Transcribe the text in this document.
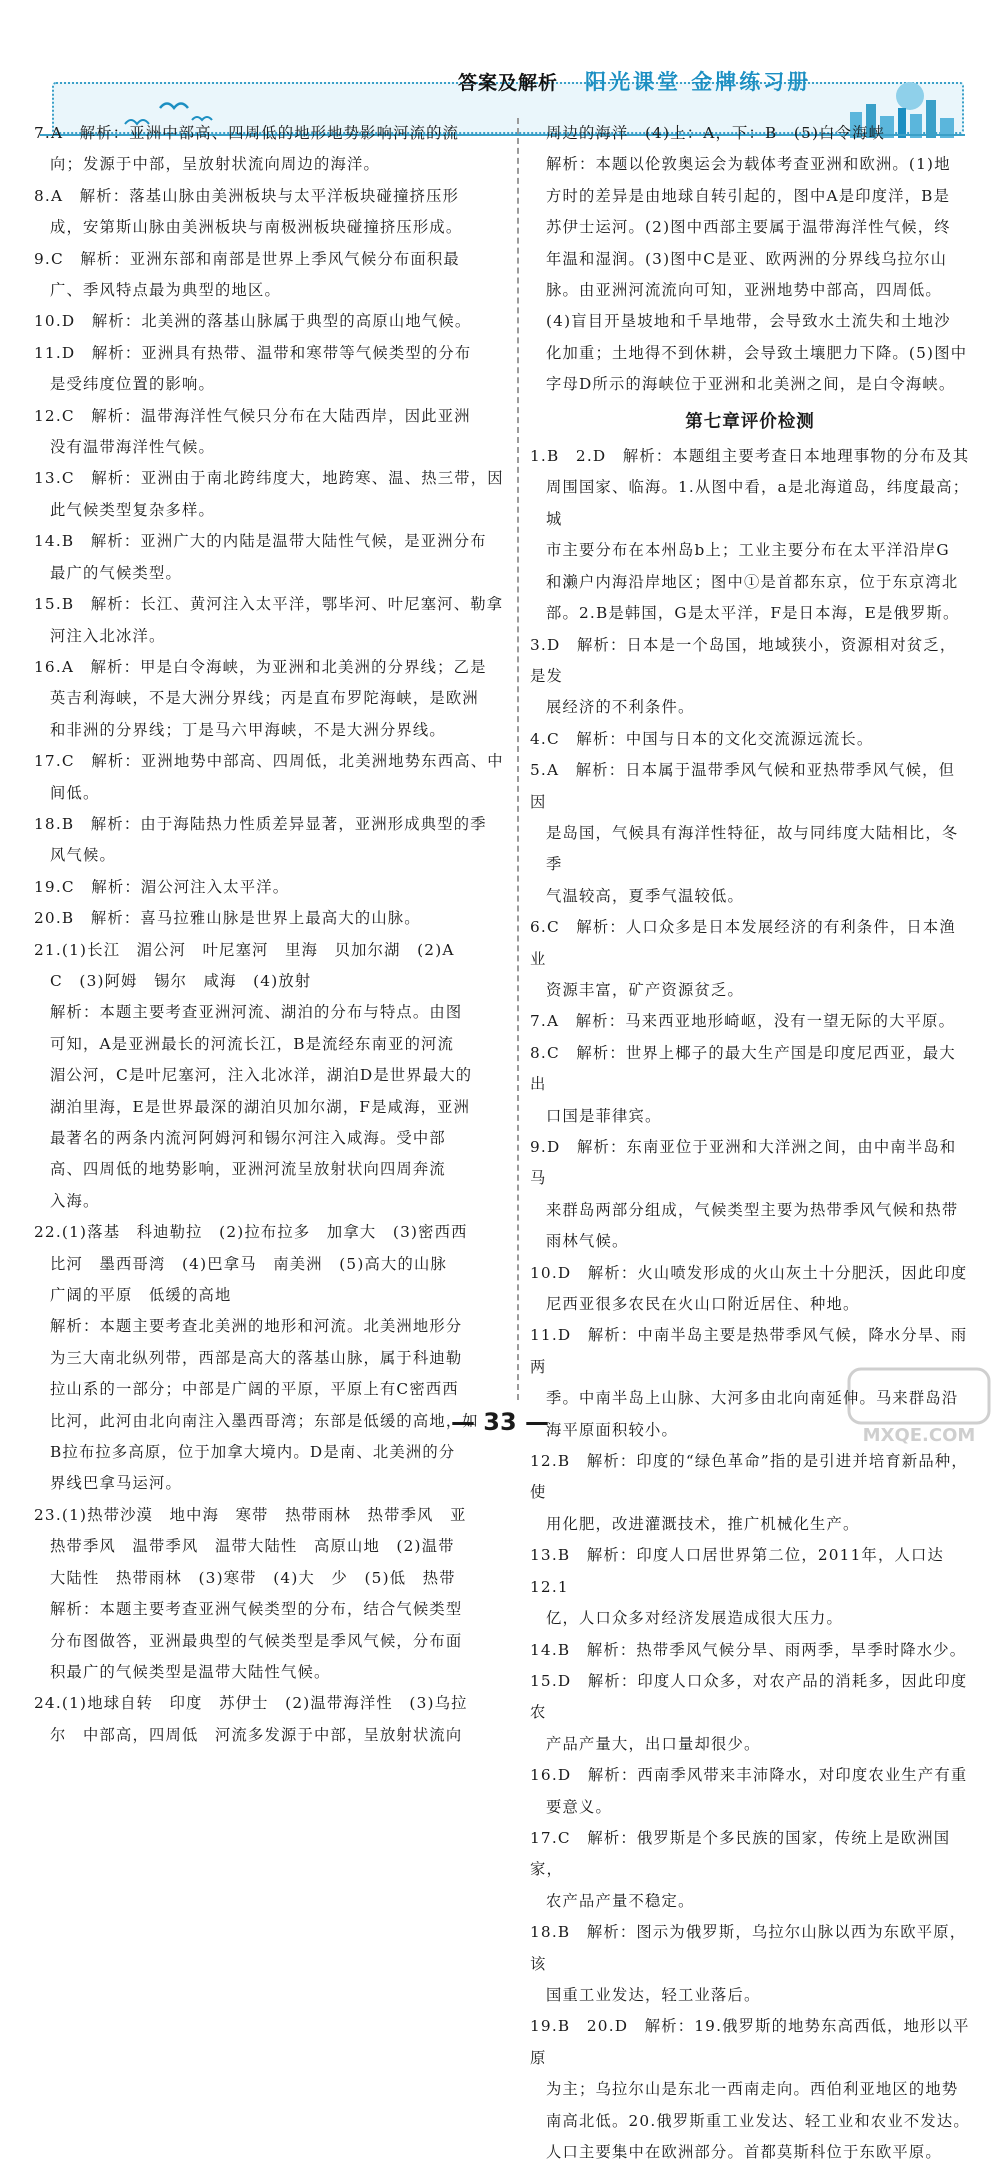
答案及解析 阳光课堂 金牌练习册

7.A　解析：亚洲中部高、四周低的地形地势影响河流的流

向；发源于中部，呈放射状流向周边的海洋。

8.A　解析：落基山脉由美洲板块与太平洋板块碰撞挤压形

成，安第斯山脉由美洲板块与南极洲板块碰撞挤压形成。

9.C　解析：亚洲东部和南部是世界上季风气候分布面积最

广、季风特点最为典型的地区。

10.D　解析：北美洲的落基山脉属于典型的高原山地气候。

11.D　解析：亚洲具有热带、温带和寒带等气候类型的分布

是受纬度位置的影响。

12.C　解析：温带海洋性气候只分布在大陆西岸，因此亚洲

没有温带海洋性气候。

13.C　解析：亚洲由于南北跨纬度大，地跨寒、温、热三带，因

此气候类型复杂多样。

14.B　解析：亚洲广大的内陆是温带大陆性气候，是亚洲分布

最广的气候类型。

15.B　解析：长江、黄河注入太平洋，鄂毕河、叶尼塞河、勒拿

河注入北冰洋。

16.A　解析：甲是白令海峡，为亚洲和北美洲的分界线；乙是

英吉利海峡，不是大洲分界线；丙是直布罗陀海峡，是欧洲

和非洲的分界线；丁是马六甲海峡，不是大洲分界线。

17.C　解析：亚洲地势中部高、四周低，北美洲地势东西高、中

间低。

18.B　解析：由于海陆热力性质差异显著，亚洲形成典型的季

风气候。

19.C　解析：湄公河注入太平洋。

20.B　解析：喜马拉雅山脉是世界上最高大的山脉。

21.(1)长江　湄公河　叶尼塞河　里海　贝加尔湖　(2)A

C　(3)阿姆　锡尔　咸海　(4)放射

解析：本题主要考查亚洲河流、湖泊的分布与特点。由图

可知，A是亚洲最长的河流长江，B是流经东南亚的河流

湄公河，C是叶尼塞河，注入北冰洋，湖泊D是世界最大的

湖泊里海，E是世界最深的湖泊贝加尔湖，F是咸海，亚洲

最著名的两条内流河阿姆河和锡尔河注入咸海。受中部

高、四周低的地势影响，亚洲河流呈放射状向四周奔流

入海。

22.(1)落基　科迪勒拉　(2)拉布拉多　加拿大　(3)密西西

比河　墨西哥湾　(4)巴拿马　南美洲　(5)高大的山脉

广阔的平原　低缓的高地

解析：本题主要考查北美洲的地形和河流。北美洲地形分

为三大南北纵列带，西部是高大的落基山脉，属于科迪勒

拉山系的一部分；中部是广阔的平原，平原上有C密西西

比河，此河由北向南注入墨西哥湾；东部是低缓的高地，如

B拉布拉多高原，位于加拿大境内。D是南、北美洲的分

界线巴拿马运河。

23.(1)热带沙漠　地中海　寒带　热带雨林　热带季风　亚

热带季风　温带季风　温带大陆性　高原山地　(2)温带

大陆性　热带雨林　(3)寒带　(4)大　少　(5)低　热带

解析：本题主要考查亚洲气候类型的分布，结合气候类型

分布图做答，亚洲最典型的气候类型是季风气候，分布面

积最广的气候类型是温带大陆性气候。

24.(1)地球自转　印度　苏伊士　(2)温带海洋性　(3)乌拉

尔　中部高，四周低　河流多发源于中部，呈放射状流向

周边的海洋　(4)上：A，下：B　(5)白令海峡

解析：本题以伦敦奥运会为载体考查亚洲和欧洲。(1)地

方时的差异是由地球自转引起的，图中A是印度洋，B是

苏伊士运河。(2)图中西部主要属于温带海洋性气候，终

年温和湿润。(3)图中C是亚、欧两洲的分界线乌拉尔山

脉。由亚洲河流流向可知，亚洲地势中部高，四周低。

(4)盲目开垦坡地和千旱地带，会导致水土流失和土地沙

化加重；土地得不到休耕，会导致土壤肥力下降。(5)图中

字母D所示的海峡位于亚洲和北美洲之间，是白令海峡。

第七章评价检测

1.B　2.D　解析：本题组主要考查日本地理事物的分布及其

周围国家、临海。1.从图中看，a是北海道岛，纬度最高；城

市主要分布在本州岛b上；工业主要分布在太平洋沿岸G

和濑户内海沿岸地区；图中①是首都东京，位于东京湾北

部。2.B是韩国，G是太平洋，F是日本海，E是俄罗斯。

3.D　解析：日本是一个岛国，地域狭小，资源相对贫乏，是发

展经济的不利条件。

4.C　解析：中国与日本的文化交流源远流长。

5.A　解析：日本属于温带季风气候和亚热带季风气候，但因

是岛国，气候具有海洋性特征，故与同纬度大陆相比，冬季

气温较高，夏季气温较低。

6.C　解析：人口众多是日本发展经济的有利条件，日本渔业

资源丰富，矿产资源贫乏。

7.A　解析：马来西亚地形崎岖，没有一望无际的大平原。

8.C　解析：世界上椰子的最大生产国是印度尼西亚，最大出

口国是菲律宾。

9.D　解析：东南亚位于亚洲和大洋洲之间，由中南半岛和马

来群岛两部分组成，气候类型主要为热带季风气候和热带

雨林气候。

10.D　解析：火山喷发形成的火山灰土十分肥沃，因此印度

尼西亚很多农民在火山口附近居住、种地。

11.D　解析：中南半岛主要是热带季风气候，降水分旱、雨两

季。中南半岛上山脉、大河多由北向南延伸。马来群岛沿

海平原面积较小。

12.B　解析：印度的“绿色革命”指的是引进并培育新品种，使

用化肥，改进灌溉技术，推广机械化生产。

13.B　解析：印度人口居世界第二位，2011年，人口达12.1

亿，人口众多对经济发展造成很大压力。

14.B　解析：热带季风气候分旱、雨两季，旱季时降水少。

15.D　解析：印度人口众多，对农产品的消耗多，因此印度农

产品产量大，出口量却很少。

16.D　解析：西南季风带来丰沛降水，对印度农业生产有重

要意义。

17.C　解析：俄罗斯是个多民族的国家，传统上是欧洲国家，

农产品产量不稳定。

18.B　解析：图示为俄罗斯，乌拉尔山脉以西为东欧平原，该

国重工业发达，轻工业落后。

19.B　20.D　解析：19.俄罗斯的地势东高西低，地形以平原

为主；乌拉尔山是东北一西南走向。西伯利亚地区的地势

南高北低。20.俄罗斯重工业发达、轻工业和农业不发达。

人口主要集中在欧洲部分。首都莫斯科位于东欧平原。

— 33 —	MXQE.COM
